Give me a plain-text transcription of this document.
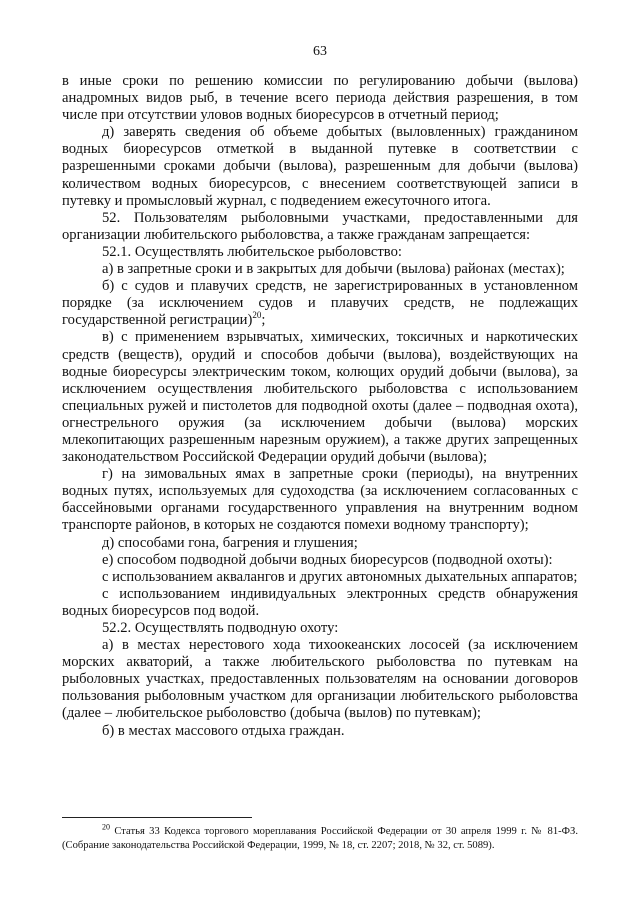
63

в иные сроки по решению комиссии по регулированию добычи (вылова) анадромных видов рыб, в течение всего периода действия разрешения, в том числе при отсутствии уловов водных биоресурсов в отчетный период;

д) заверять сведения об объеме добытых (выловленных) гражданином водных биоресурсов отметкой в выданной путевке в соответствии с разрешенными сроками добычи (вылова), разрешенным для добычи (вылова) количеством водных биоресурсов, с внесением соответствующей записи в путевку и промысловый журнал, с подведением ежесуточного итога.

52. Пользователям рыболовными участками, предоставленными для организации любительского рыболовства, а также гражданам запрещается:

52.1. Осуществлять любительское рыболовство:

а) в запретные сроки и в закрытых для добычи (вылова) районах (местах);

б) с судов и плавучих средств, не зарегистрированных в установленном порядке (за исключением судов и плавучих средств, не подлежащих государственной регистрации)$^{20}$;

в) с применением взрывчатых, химических, токсичных и наркотических средств (веществ), орудий и способов добычи (вылова), воздействующих на водные биоресурсы электрическим током, колющих орудий добычи (вылова), за исключением осуществления любительского рыболовства с использованием специальных ружей и пистолетов для подводной охоты (далее – подводная охота), огнестрельного оружия (за исключением добычи (вылова) морских млекопитающих разрешенным нарезным оружием), а также других запрещенных законодательством Российской Федерации орудий добычи (вылова);

г) на зимовальных ямах в запретные сроки (периоды), на внутренних водных путях, используемых для судоходства (за исключением согласованных с бассейновыми органами государственного управления на внутренним водном транспорте районов, в которых не создаются помехи водному транспорту);

д) способами гона, багрения и глушения;

е) способом подводной добычи водных биоресурсов (подводной охоты):

с использованием аквалангов и других автономных дыхательных аппаратов;

с использованием индивидуальных электронных средств обнаружения водных биоресурсов под водой.

52.2. Осуществлять подводную охоту:

а) в местах нерестового хода тихоокеанских лососей (за исключением морских акваторий, а также любительского рыболовства по путевкам на рыболовных участках, предоставленных пользователям на основании договоров пользования рыболовным участком для организации любительского рыболовства (далее – любительское рыболовство (добыча (вылов) по путевкам);

б) в местах массового отдыха граждан.

$^{20}$ Статья 33 Кодекса торгового мореплавания Российской Федерации от 30 апреля 1999 г. № 81-ФЗ. (Собрание законодательства Российской Федерации, 1999, № 18, ст. 2207; 2018, № 32, ст. 5089).
